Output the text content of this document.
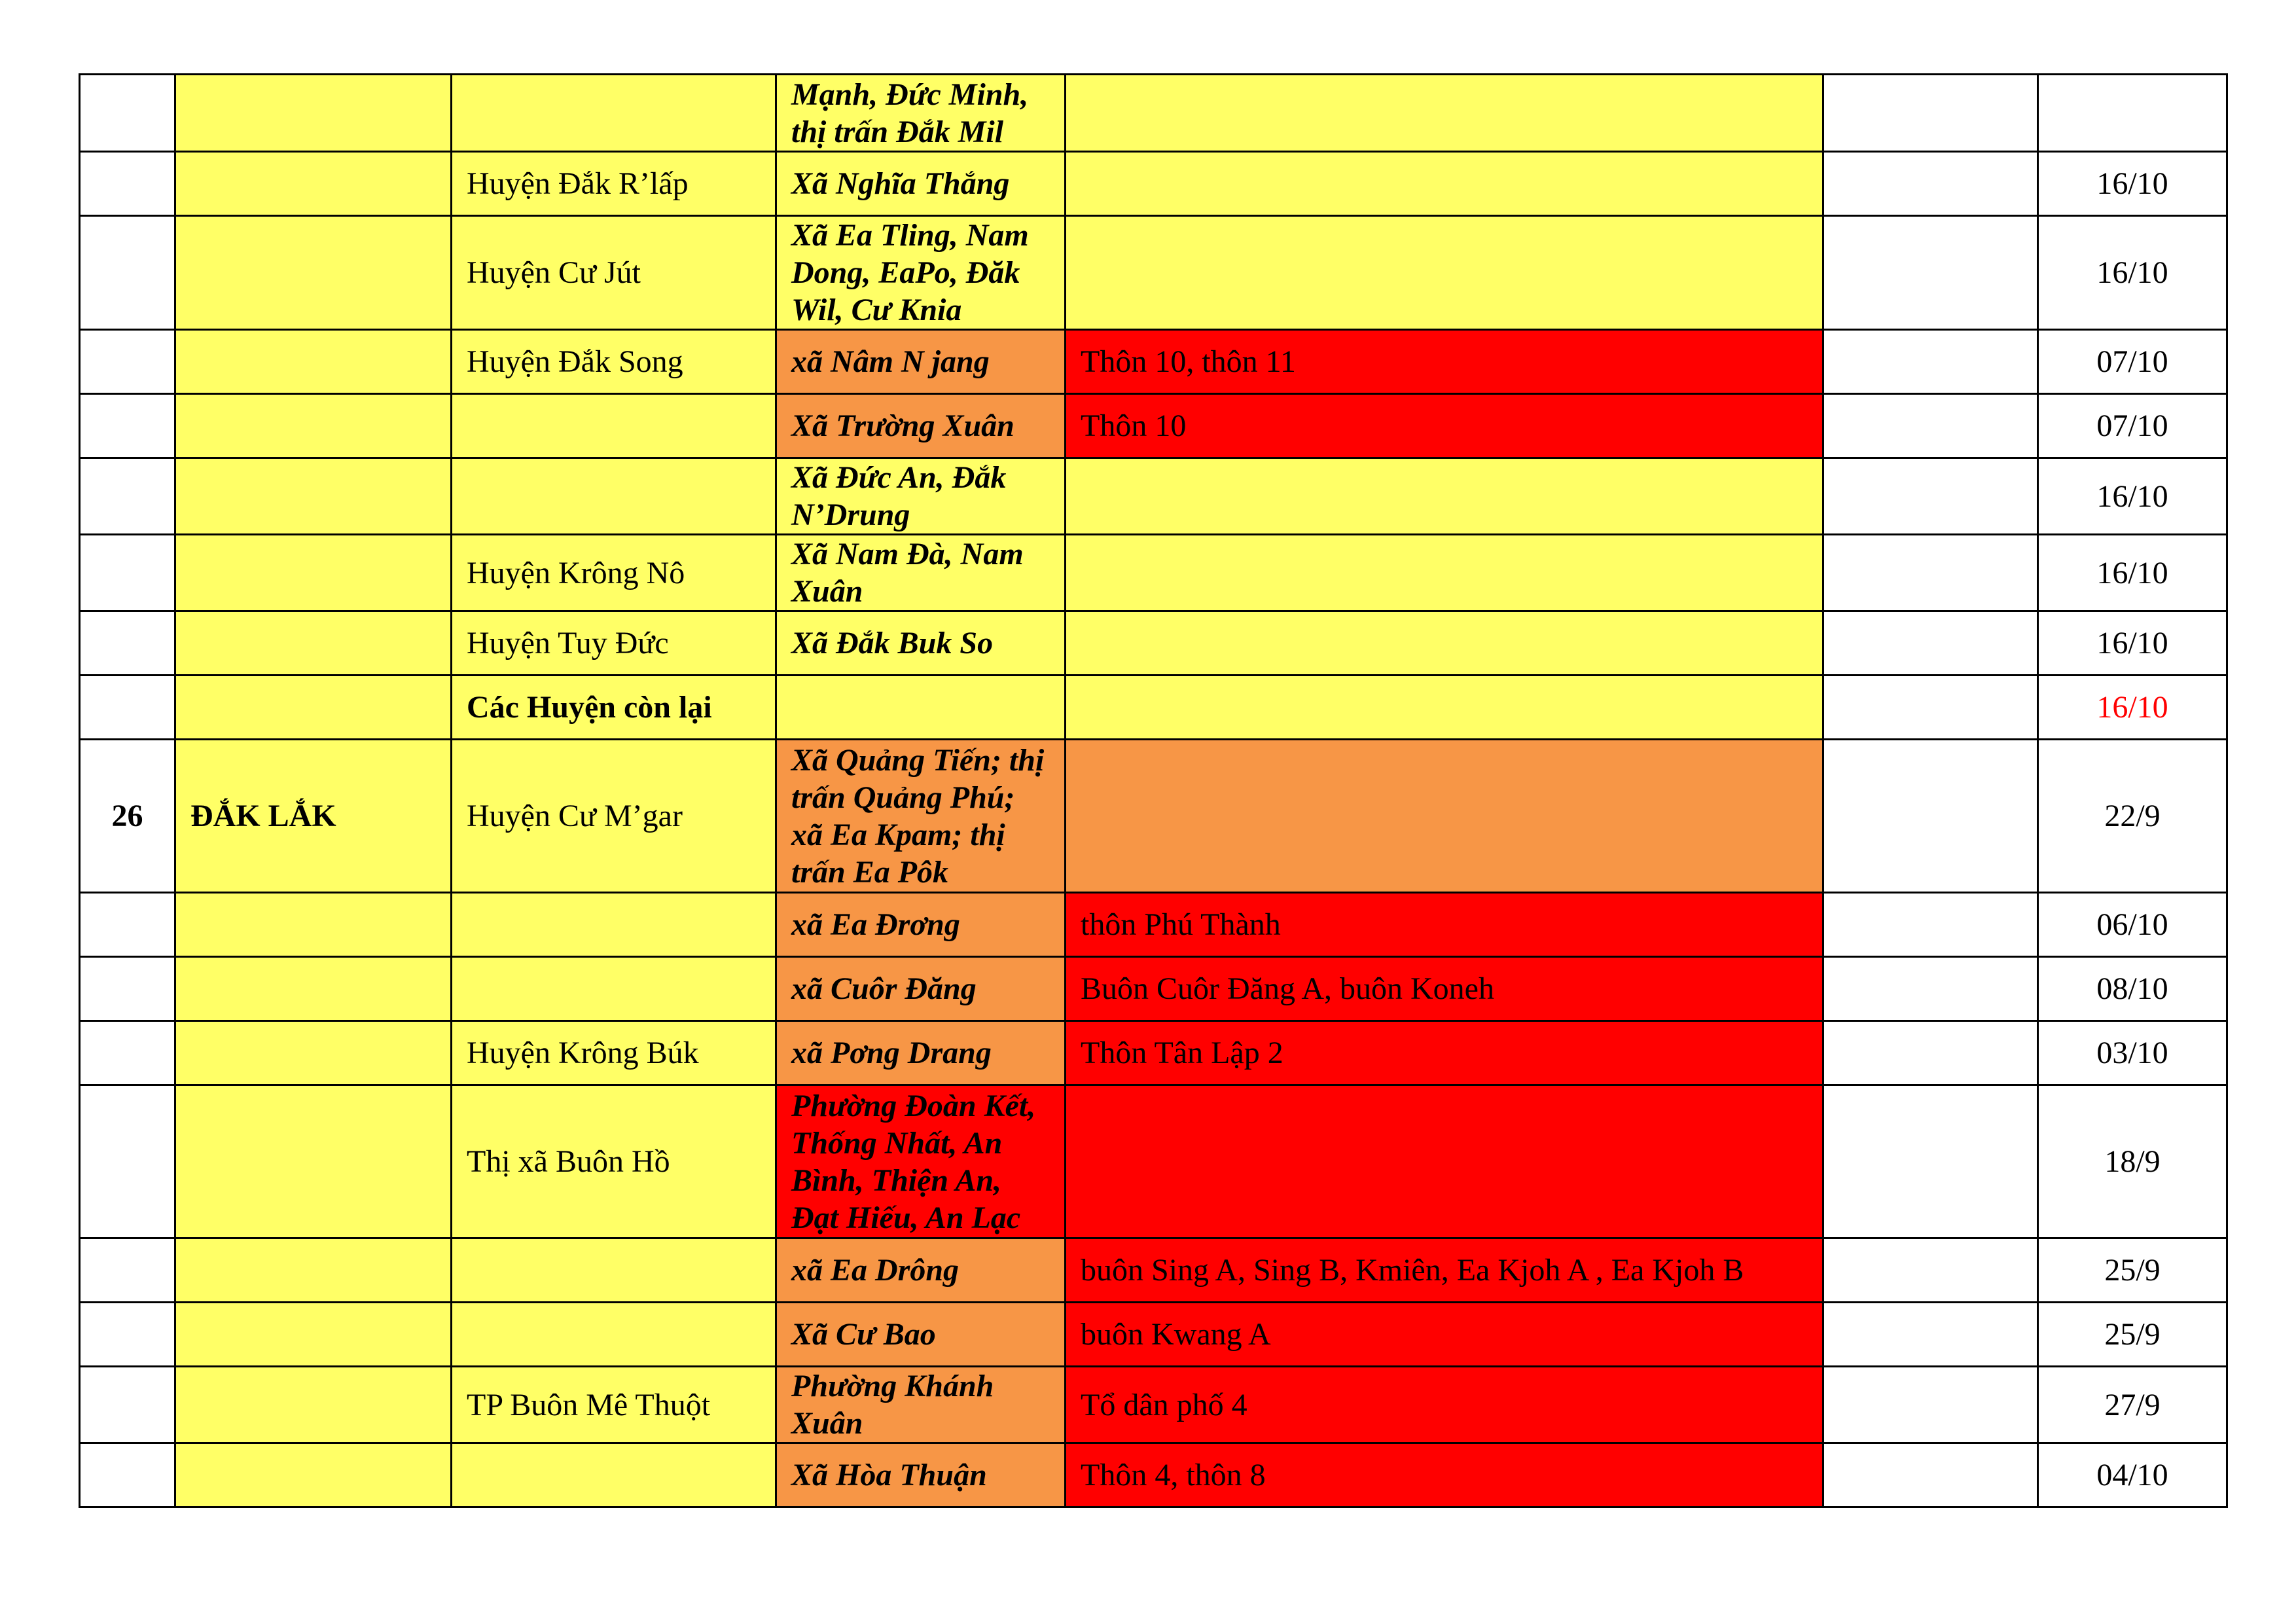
			Mạnh, Đức Minh, thị trấn Đắk Mil			
		Huyện Đắk R’lấp	Xã Nghĩa Thắng			16/10
		Huyện Cư Jút	Xã Ea Tling, Nam Dong, EaPo, Đăk Wil, Cư Knia			16/10
		Huyện Đắk Song	xã Nâm N jang	Thôn 10, thôn 11		07/10
			Xã Trường Xuân	Thôn 10		07/10
			Xã Đức An, Đắk N’Drung			16/10
		Huyện Krông Nô	Xã Nam Đà, Nam Xuân			16/10
		Huyện Tuy Đức	Xã Đắk Buk So			16/10
		Các Huyện còn lại				16/10
26	ĐẮK LẮK	Huyện Cư M’gar	Xã Quảng Tiến; thị trấn Quảng Phú; xã Ea Kpam; thị trấn Ea Pôk			22/9
			xã Ea Đrơng	thôn Phú Thành		06/10
			xã Cuôr Đăng	Buôn Cuôr Đăng A, buôn Koneh		08/10
		Huyện Krông Búk	xã Pơng Drang	Thôn Tân Lập 2		03/10
		Thị xã Buôn Hồ	Phường Đoàn Kết, Thống Nhất, An Bình, Thiện An, Đạt Hiếu, An Lạc			18/9
			xã Ea Drông	buôn Sing A, Sing B, Kmiên, Ea Kjoh A , Ea Kjoh B		25/9
			Xã Cư Bao	buôn Kwang A		25/9
		TP Buôn Mê Thuột	Phường Khánh Xuân	Tổ dân phố 4		27/9
			Xã Hòa Thuận	Thôn 4, thôn 8		04/10
